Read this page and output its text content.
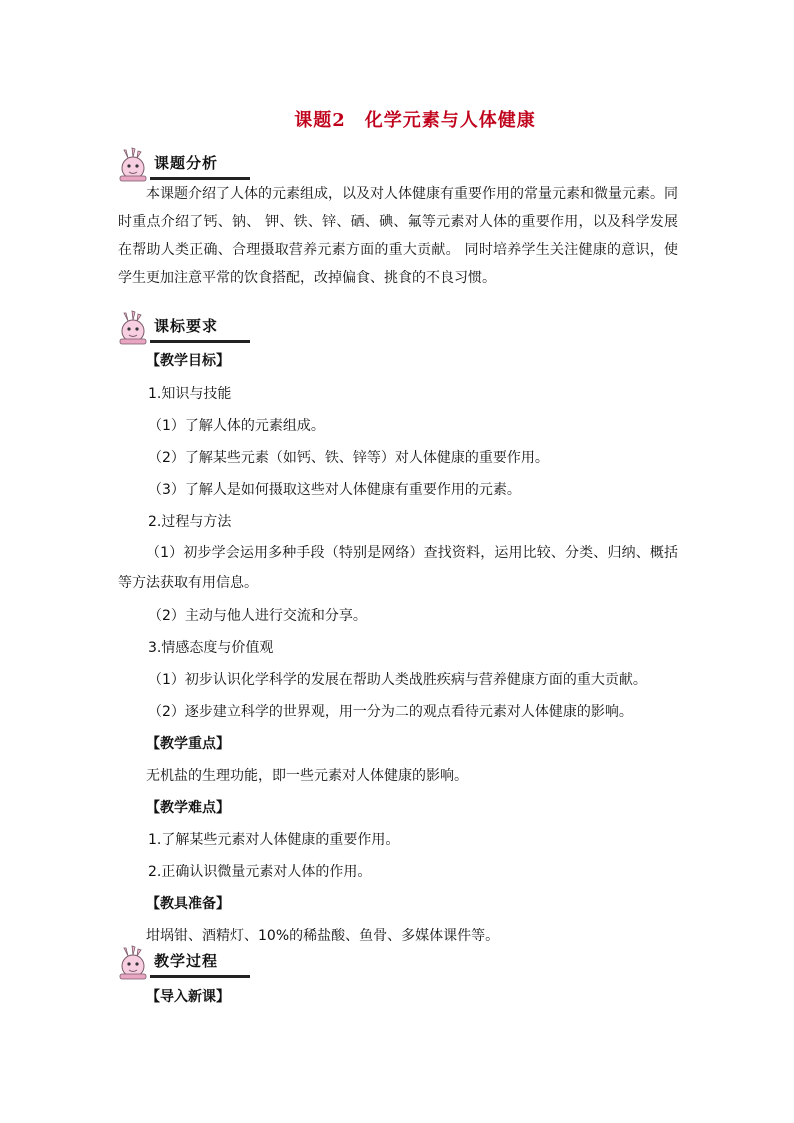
课题2　化学元素与人体健康
课题分析

本课题介绍了人体的元素组成，以及对人体健康有重要作用的常量元素和微量元素。同时重点介绍了钙、钠、 钾、铁、锌、硒、碘、氟等元素对人体的重要作用，以及科学发展在帮助人类正确、合理摄取营养元素方面的重大贡献。 同时培养学生关注健康的意识，使学生更加注意平常的饮食搭配，改掉偏食、挑食的不良习惯。

课标要求
【教学目标】
1.知识与技能
（1）了解人体的元素组成。
（2）了解某些元素（如钙、铁、锌等）对人体健康的重要作用。
（3）了解人是如何摄取这些对人体健康有重要作用的元素。
2.过程与方法

（1）初步学会运用多种手段（特别是网络）查找资料，运用比较、分类、归纳、概括等方法获取有用信息。

（2）主动与他人进行交流和分享。
3.情感态度与价值观
（1）初步认识化学科学的发展在帮助人类战胜疾病与营养健康方面的重大贡献。
（2）逐步建立科学的世界观，用一分为二的观点看待元素对人体健康的影响。
【教学重点】
无机盐的生理功能，即一些元素对人体健康的影响。
【教学难点】
1.了解某些元素对人体健康的重要作用。
2.正确认识微量元素对人体的作用。
【教具准备】
坩埚钳、酒精灯、10%的稀盐酸、鱼骨、多媒体课件等。
教学过程
【导入新课】
